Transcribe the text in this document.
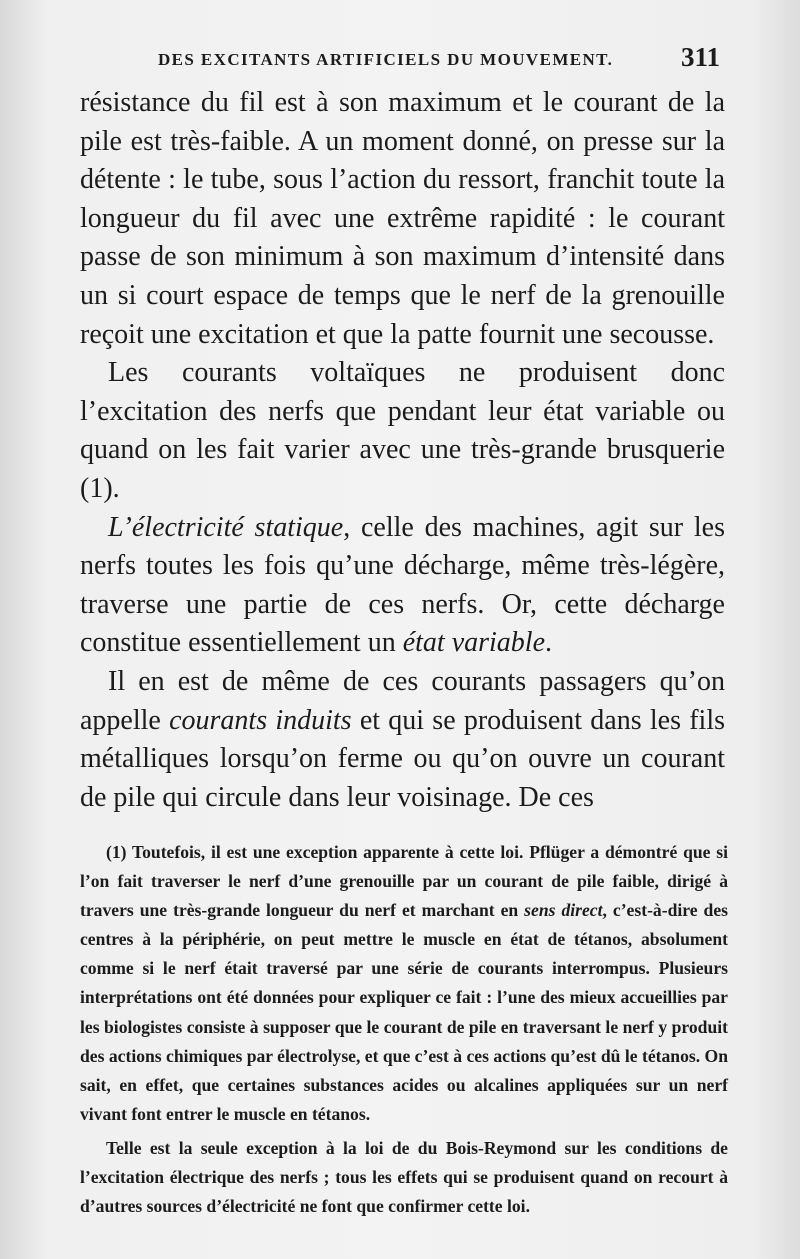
DES EXCITANTS ARTIFICIELS DU MOUVEMENT.	311

résistance du fil est à son maximum et le courant de la pile est très-faible. A un moment donné, on presse sur la détente : le tube, sous l’action du ressort, franchit toute la longueur du fil avec une extrême rapidité : le courant passe de son minimum à son maximum d’intensité dans un si court espace de temps que le nerf de la grenouille reçoit une excitation et que la patte fournit une secousse.

Les courants voltaïques ne produisent donc l’excitation des nerfs que pendant leur état variable ou quand on les fait varier avec une très-grande brusquerie (1).

L’électricité statique, celle des machines, agit sur les nerfs toutes les fois qu’une décharge, même très-légère, traverse une partie de ces nerfs. Or, cette décharge constitue essentiellement un état variable.

Il en est de même de ces courants passagers qu’on appelle courants induits et qui se produisent dans les fils métalliques lorsqu’on ferme ou qu’on ouvre un courant de pile qui circule dans leur voisinage. De ces

(1) Toutefois, il est une exception apparente à cette loi. Pflüger a démontré que si l’on fait traverser le nerf d’une grenouille par un courant de pile faible, dirigé à travers une très-grande longueur du nerf et marchant en sens direct, c’est-à-dire des centres à la périphérie, on peut mettre le muscle en état de tétanos, absolument comme si le nerf était traversé par une série de courants interrompus. Plusieurs interprétations ont été données pour expliquer ce fait : l’une des mieux accueillies par les biologistes consiste à supposer que le courant de pile en traversant le nerf y produit des actions chimiques par électrolyse, et que c’est à ces actions qu’est dû le tétanos. On sait, en effet, que certaines substances acides ou alcalines appliquées sur un nerf vivant font entrer le muscle en tétanos.

Telle est la seule exception à la loi de du Bois-Reymond sur les conditions de l’excitation électrique des nerfs ; tous les effets qui se produisent quand on recourt à d’autres sources d’électricité ne font que confirmer cette loi.
